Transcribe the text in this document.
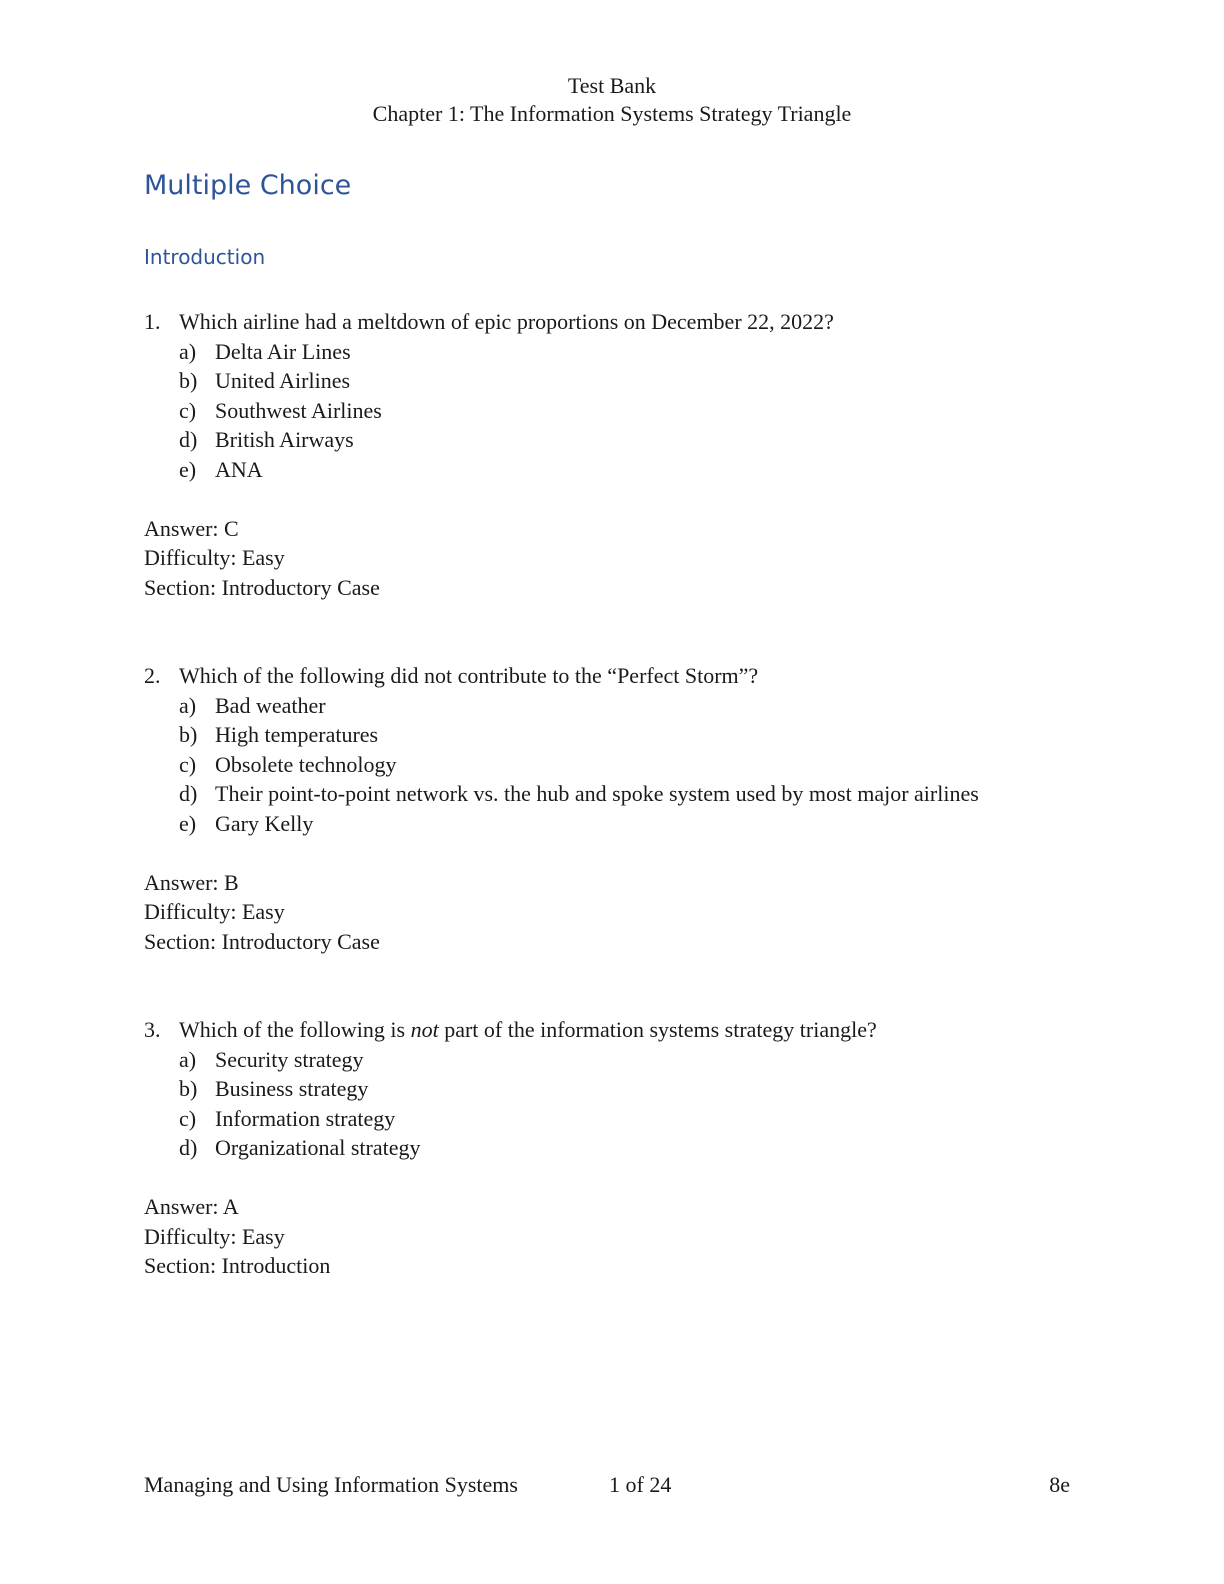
Test Bank
Chapter 1: The Information Systems Strategy Triangle
Multiple Choice
Introduction
1. Which airline had a meltdown of epic proportions on December 22, 2022?
a) Delta Air Lines
b) United Airlines
c) Southwest Airlines
d) British Airways
e) ANA
Answer: C
Difficulty: Easy
Section: Introductory Case
2. Which of the following did not contribute to the “Perfect Storm”?
a) Bad weather
b) High temperatures
c) Obsolete technology
d) Their point-to-point network vs. the hub and spoke system used by most major airlines
e) Gary Kelly
Answer: B
Difficulty: Easy
Section: Introductory Case
3. Which of the following is not part of the information systems strategy triangle?
a) Security strategy
b) Business strategy
c) Information strategy
d) Organizational strategy
Answer: A
Difficulty: Easy
Section: Introduction
Managing and Using Information Systems	1 of 24	8e
